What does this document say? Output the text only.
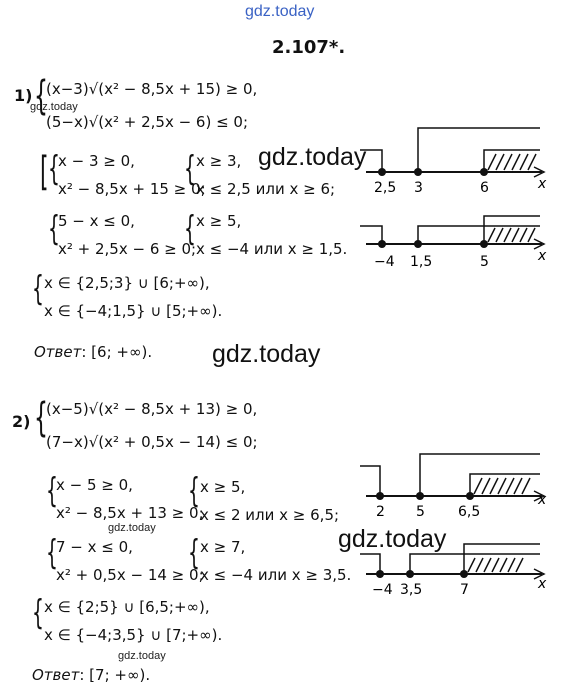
gdz.today
gdz.today
gdz.today
gdz.today
gdz.today
2.107*.
1) {
(x−3)√(x² − 8,5x + 15) ≥ 0,
(5−x)√(x² + 2,5x − 6) ≤ 0;
[ {
x − 3 ≥ 0,
x² − 8,5x + 15 ≥ 0;
{ x ≥ 3,
x ≤ 2,5 или x ≥ 6;
{
5 − x ≤ 0,
x² + 2,5x − 6 ≥ 0;
{ x ≥ 5,
x ≤ −4 или x ≥ 1,5.
{ x ∈ {2,5;3} ∪ [6;+∞),
x ∈ {−4;1,5} ∪ [5;+∞).
Ответ: [6; +∞).
2,5 3	6	x
−4 1,5	5	x
gdz.today
2) {
(x−5)√(x² − 8,5x + 13) ≥ 0,
(7−x)√(x² + 0,5x − 14) ≤ 0;
{
x − 5 ≥ 0,
x² − 8,5x + 13 ≥ 0;
{ x ≥ 5,
x ≤ 2 или x ≥ 6,5;
{
7 − x ≤ 0,
x² + 0,5x − 14 ≥ 0;
{ x ≥ 7,
x ≤ −4 или x ≥ 3,5.
{ x ∈ {2;5} ∪ [6,5;+∞),
x ∈ {−4;3,5} ∪ [7;+∞).
Ответ: [7; +∞).
2 5 6,5
x
−4 3,5	7	x
gdz.today
